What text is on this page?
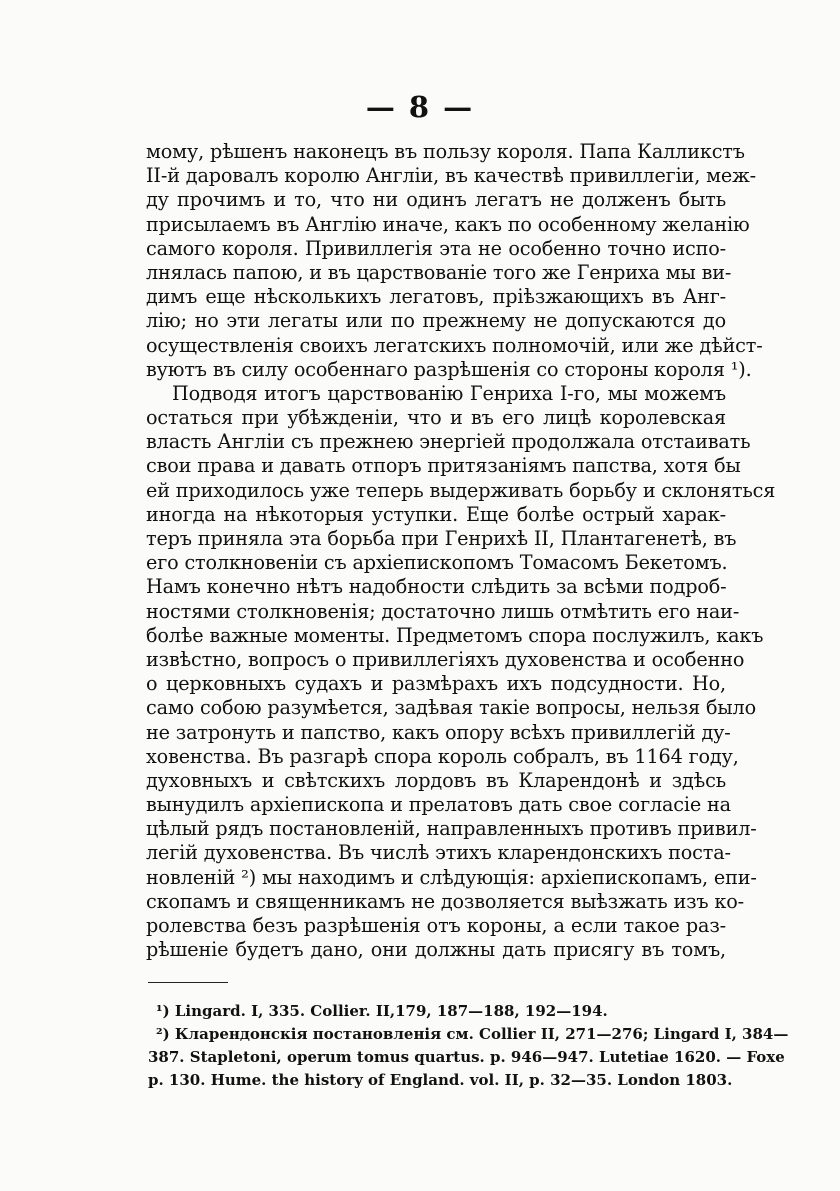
— 8 —
мому, рѣшенъ наконецъ въ пользу короля. Папа Калликстъ
II-й даровалъ королю Англіи, въ качествѣ привиллегіи, меж-
ду прочимъ и то, что ни одинъ легатъ не долженъ быть
присылаемъ въ Англію иначе, какъ по особенному желанію
самого короля. Привиллегія эта не особенно точно испо-
лнялась папою, и въ царствованіе того же Генриха мы ви-
димъ еще нѣсколькихъ легатовъ, пріѣзжающихъ въ Анг-
лію; но эти легаты или по прежнему не допускаются до
осуществленія своихъ легатскихъ полномочій, или же дѣйст-
вуютъ въ силу особеннаго разрѣшенія со стороны короля ¹).
Подводя итогъ царствованію Генриха I-го, мы можемъ
остаться при убѣжденіи, что и въ его лицѣ королевская
власть Англіи съ прежнею энергіей продолжала отстаивать
свои права и давать отпоръ притязаніямъ папства, хотя бы
ей приходилось уже теперь выдерживать борьбу и склоняться
иногда на нѣкоторыя уступки. Еще болѣе острый харак-
теръ приняла эта борьба при Генрихѣ II, Плантагенетѣ, въ
его столкновеніи съ архіепископомъ Томасомъ Бекетомъ.
Намъ конечно нѣтъ надобности слѣдить за всѣми подроб-
ностями столкновенія; достаточно лишь отмѣтить его наи-
болѣе важные моменты. Предметомъ спора послужилъ, какъ
извѣстно, вопросъ о привиллегіяхъ духовенства и особенно
о церковныхъ судахъ и размѣрахъ ихъ подсудности. Но,
само собою разумѣется, задѣвая такіе вопросы, нельзя было
не затронуть и папство, какъ опору всѣхъ привиллегій ду-
ховенства. Въ разгарѣ спора король собралъ, въ 1164 году,
духовныхъ и свѣтскихъ лордовъ въ Кларендонѣ и здѣсь
вынудилъ архіепископа и прелатовъ дать свое согласіе на
цѣлый рядъ постановленій, направленныхъ противъ привил-
легій духовенства. Въ числѣ этихъ кларендонскихъ поста-
новленій ²) мы находимъ и слѣдующія: архіепископамъ, епи-
скопамъ и священникамъ не дозволяется выѣзжать изъ ко-
ролевства безъ разрѣшенія отъ короны, а если такое раз-
рѣшеніе будетъ дано, они должны дать присягу въ томъ,
¹) Lingard. I, 335. Collier. II,179, 187—188, 192—194.
²) Кларендонскія постановленія см. Collier II, 271—276; Lingard I, 384—
387. Stapletoni, operum tomus quartus. p. 946—947. Lutetiae 1620. — Foxe
p. 130. Hume. the history of England. vol. II, p. 32—35. London 1803.
